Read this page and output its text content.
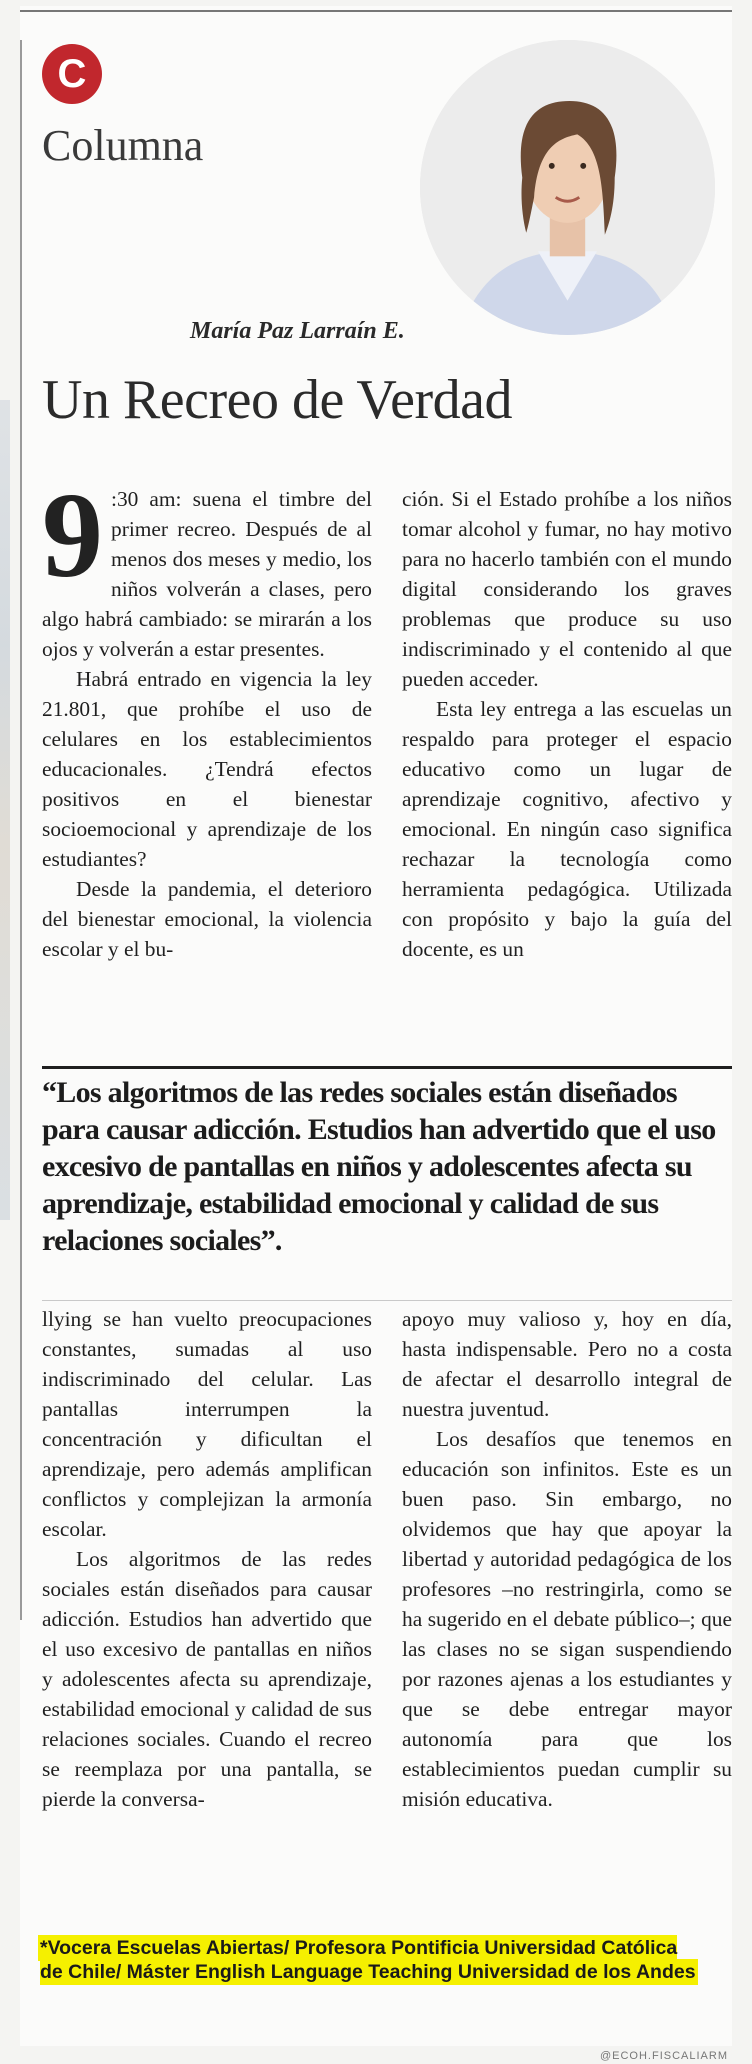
C
Columna
María Paz Larraín E.
Un Recreo de Verdad

9 :30 am: suena el timbre del primer recreo. Después de al menos dos meses y medio, los niños volverán a clases, pero algo habrá cambiado: se mirarán a los ojos y volverán a estar presentes.

Habrá entrado en vigencia la ley 21.801, que prohíbe el uso de celulares en los establecimientos educacionales. ¿Tendrá efectos positivos en el bienestar socioemocional y aprendizaje de los estudiantes?

Desde la pandemia, el deterioro del bienestar emocional, la violencia escolar y el bu-

ción. Si el Estado prohíbe a los niños tomar alcohol y fumar, no hay motivo para no hacerlo también con el mundo digital considerando los graves problemas que produce su uso indiscriminado y el contenido al que pueden acceder.

Esta ley entrega a las escuelas un respaldo para proteger el espacio educativo como un lugar de aprendizaje cognitivo, afectivo y emocional. En ningún caso significa rechazar la tecnología como herramienta pedagógica. Utilizada con propósito y bajo la guía del docente, es un

“Los algoritmos de las redes sociales están diseñados para causar adicción. Estudios han advertido que el uso excesivo de pantallas en niños y adolescentes afecta su aprendizaje, estabilidad emocional y calidad de sus relaciones sociales”.

llying se han vuelto preocupaciones constantes, sumadas al uso indiscriminado del celular. Las pantallas interrumpen la concentración y dificultan el aprendizaje, pero además amplifican conflictos y complejizan la armonía escolar.

Los algoritmos de las redes sociales están diseñados para causar adicción. Estudios han advertido que el uso excesivo de pantallas en niños y adolescentes afecta su aprendizaje, estabilidad emocional y calidad de sus relaciones sociales. Cuando el recreo se reemplaza por una pantalla, se pierde la conversa-

apoyo muy valioso y, hoy en día, hasta indispensable. Pero no a costa de afectar el desarrollo integral de nuestra juventud.

Los desafíos que tenemos en educación son infinitos. Este es un buen paso. Sin embargo, no olvidemos que hay que apoyar la libertad y autoridad pedagógica de los profesores –no restringirla, como se ha sugerido en el debate público–; que las clases no se sigan suspendiendo por razones ajenas a los estudiantes y que se debe entregar mayor autonomía para que los establecimientos puedan cumplir su misión educativa.

*Vocera Escuelas Abiertas/ Profesora Pontificia Universidad Católica de Chile/ Máster English Language Teaching Universidad de los Andes
@ECOH.FISCALIARM
